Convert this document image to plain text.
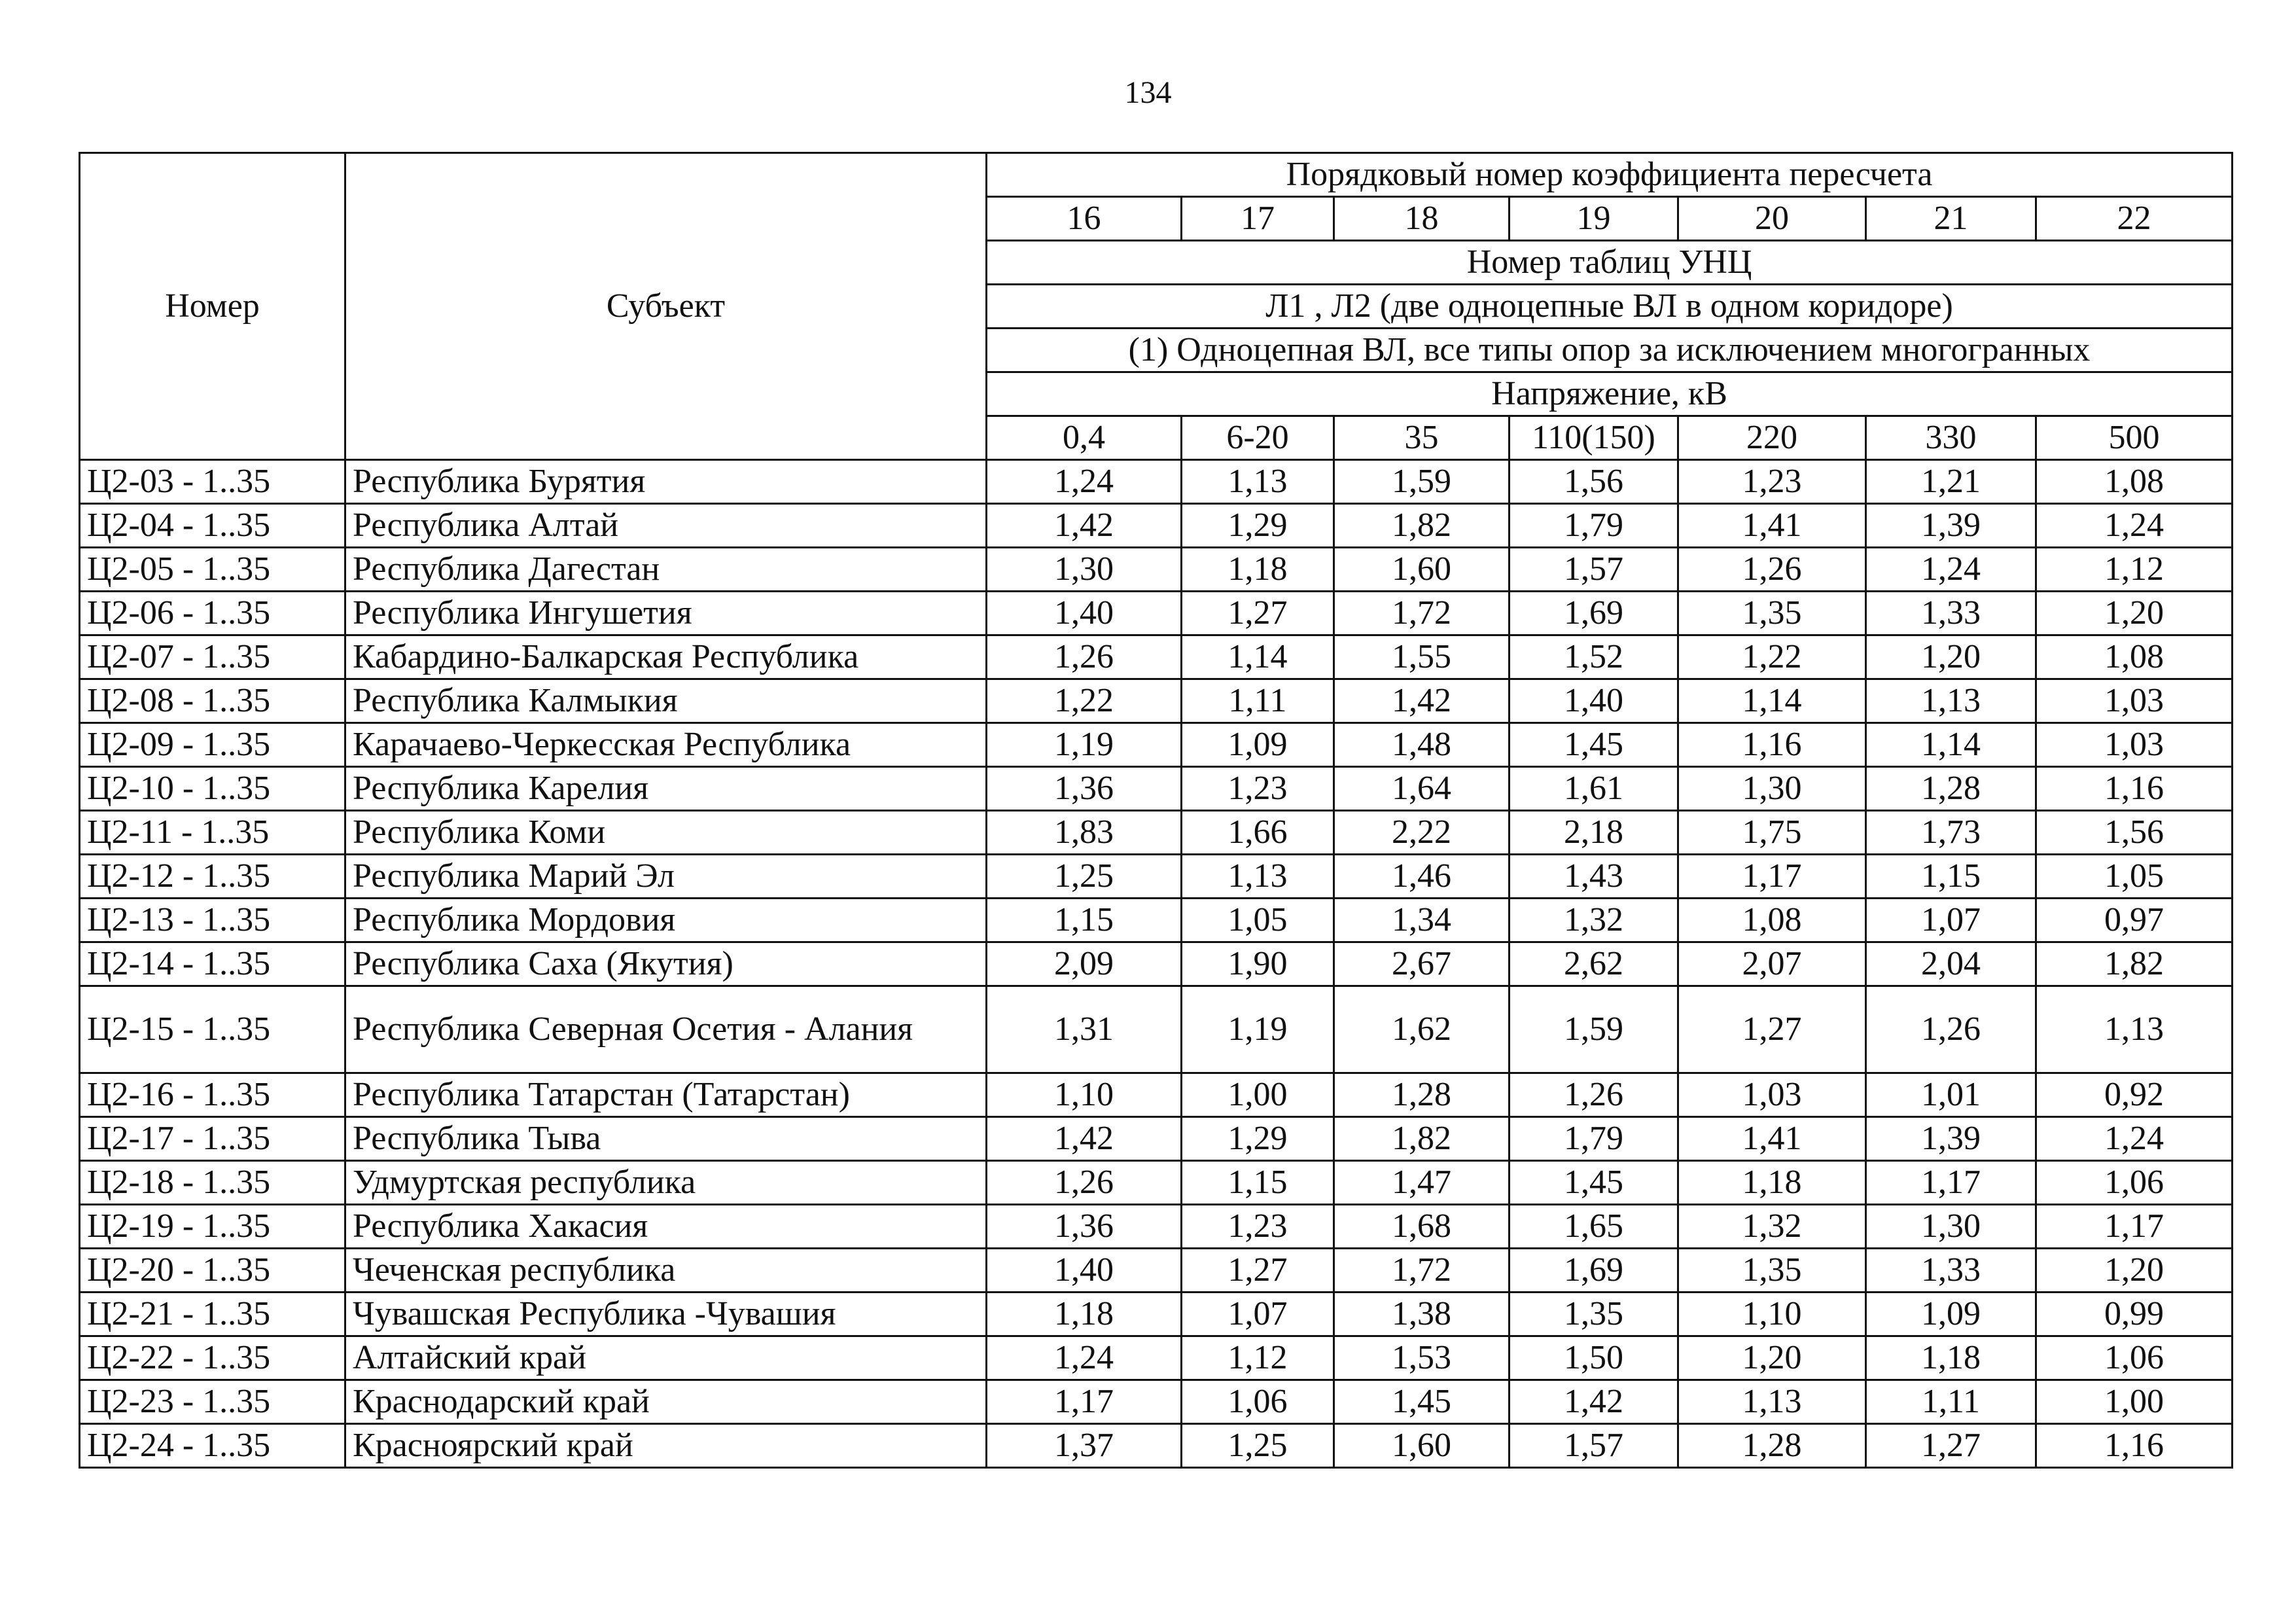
134
Номер	Субъект	Порядковый номер коэффициента пересчета						
		16	17	18	19	20	21	22
		Номер таблиц УНЦ						
		Л1 , Л2 (две одноцепные ВЛ в одном коридоре)						
		(1) Одноцепная ВЛ, все типы опор за исключением многогранных						
		Напряжение, кВ						
		0,4	6-20	35	110(150)	220	330	500
Ц2-03 - 1..35	Республика Бурятия	1,24	1,13	1,59	1,56	1,23	1,21	1,08
Ц2-04 - 1..35	Республика Алтай	1,42	1,29	1,82	1,79	1,41	1,39	1,24
Ц2-05 - 1..35	Республика Дагестан	1,30	1,18	1,60	1,57	1,26	1,24	1,12
Ц2-06 - 1..35	Республика Ингушетия	1,40	1,27	1,72	1,69	1,35	1,33	1,20
Ц2-07 - 1..35	Кабардино-Балкарская Республика	1,26	1,14	1,55	1,52	1,22	1,20	1,08
Ц2-08 - 1..35	Республика Калмыкия	1,22	1,11	1,42	1,40	1,14	1,13	1,03
Ц2-09 - 1..35	Карачаево-Черкесская Республика	1,19	1,09	1,48	1,45	1,16	1,14	1,03
Ц2-10 - 1..35	Республика Карелия	1,36	1,23	1,64	1,61	1,30	1,28	1,16
Ц2-11 - 1..35	Республика Коми	1,83	1,66	2,22	2,18	1,75	1,73	1,56
Ц2-12 - 1..35	Республика Марий Эл	1,25	1,13	1,46	1,43	1,17	1,15	1,05
Ц2-13 - 1..35	Республика Мордовия	1,15	1,05	1,34	1,32	1,08	1,07	0,97
Ц2-14 - 1..35	Республика Саха (Якутия)	2,09	1,90	2,67	2,62	2,07	2,04	1,82
Ц2-15 - 1..35	Республика Северная Осетия - Алания	1,31	1,19	1,62	1,59	1,27	1,26	1,13
Ц2-16 - 1..35	Республика Татарстан (Татарстан)	1,10	1,00	1,28	1,26	1,03	1,01	0,92
Ц2-17 - 1..35	Республика Тыва	1,42	1,29	1,82	1,79	1,41	1,39	1,24
Ц2-18 - 1..35	Удмуртская республика	1,26	1,15	1,47	1,45	1,18	1,17	1,06
Ц2-19 - 1..35	Республика Хакасия	1,36	1,23	1,68	1,65	1,32	1,30	1,17
Ц2-20 - 1..35	Чеченская республика	1,40	1,27	1,72	1,69	1,35	1,33	1,20
Ц2-21 - 1..35	Чувашская Республика -Чувашия	1,18	1,07	1,38	1,35	1,10	1,09	0,99
Ц2-22 - 1..35	Алтайский край	1,24	1,12	1,53	1,50	1,20	1,18	1,06
Ц2-23 - 1..35	Краснодарский край	1,17	1,06	1,45	1,42	1,13	1,11	1,00
Ц2-24 - 1..35	Красноярский край	1,37	1,25	1,60	1,57	1,28	1,27	1,16
